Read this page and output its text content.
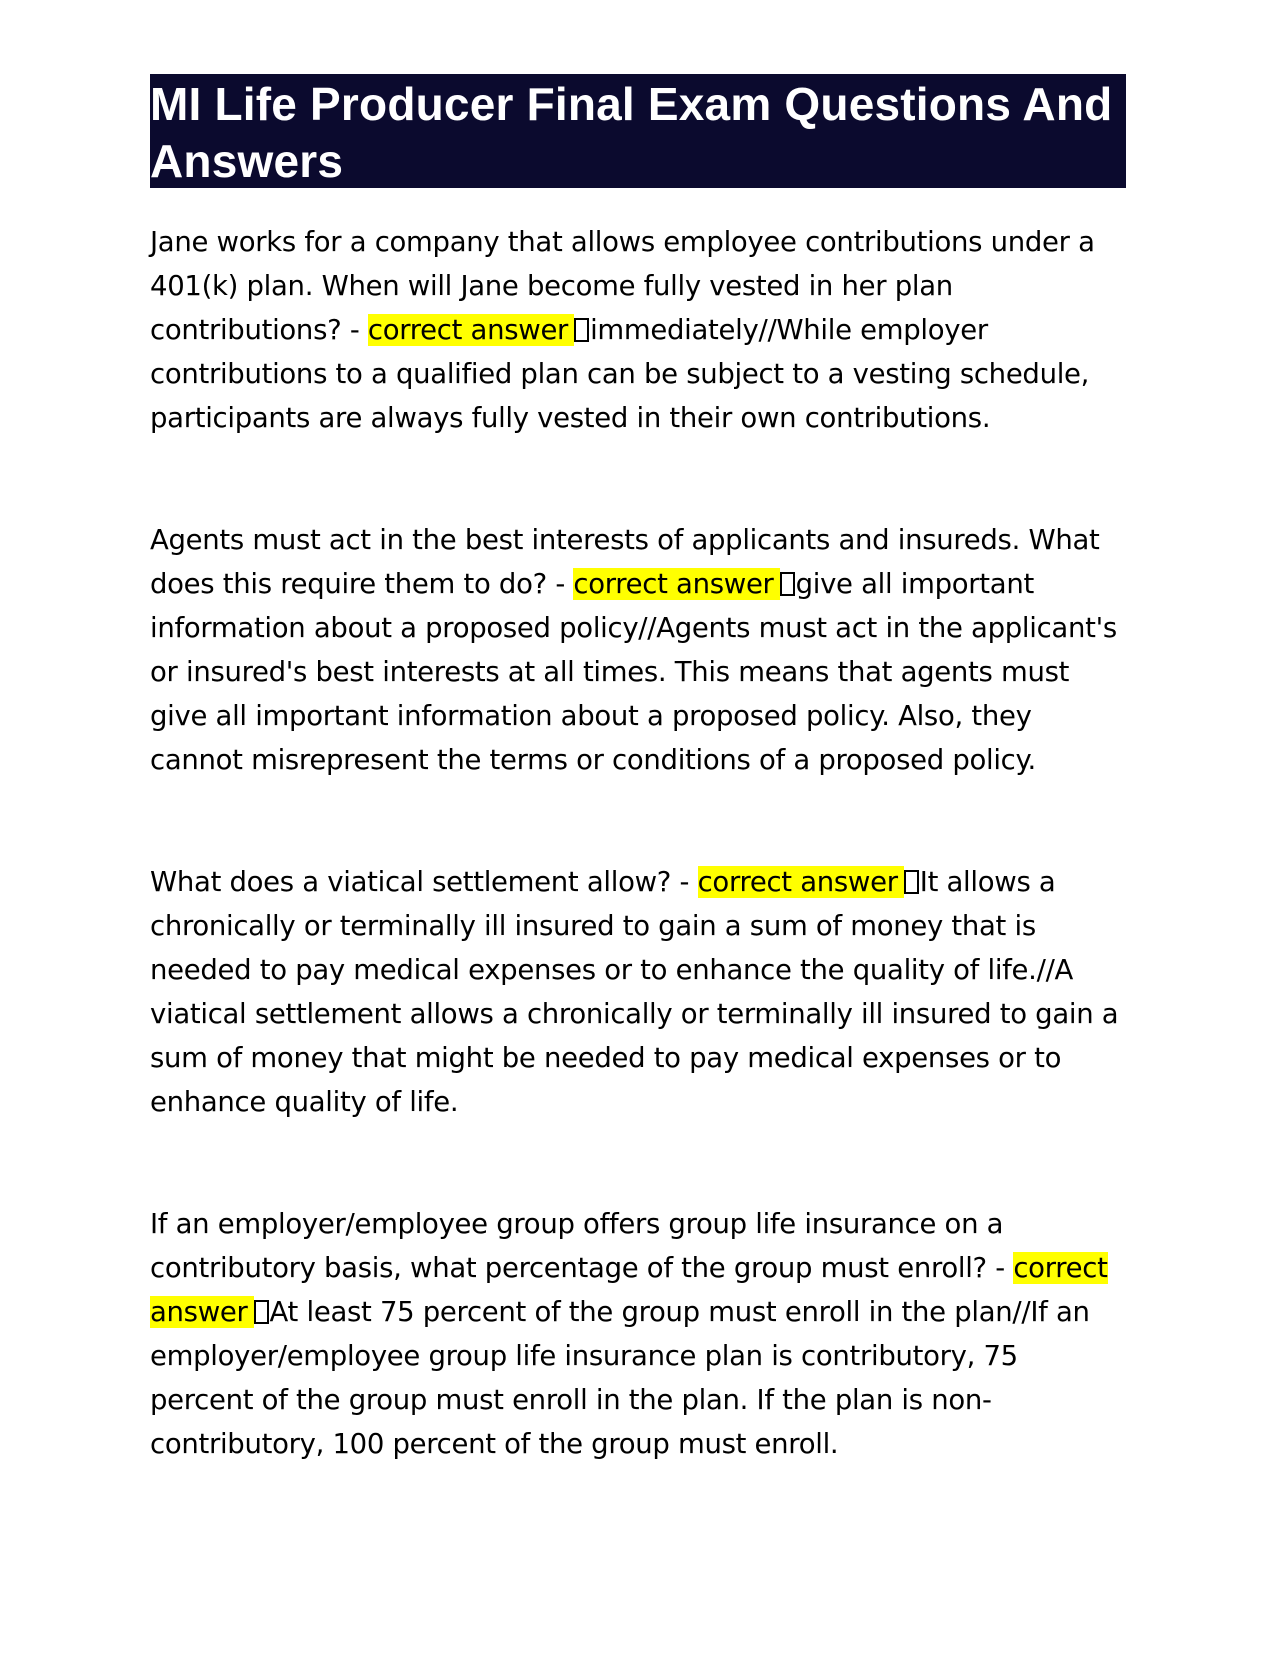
MI Life Producer Final Exam Questions And Answers

Jane works for a company that allows employee contributions under a 401(k) plan. When will Jane become fully vested in her plan contributions? - correct answer immediately//While employer contributions to a qualified plan can be subject to a vesting schedule, participants are always fully vested in their own contributions.

Agents must act in the best interests of applicants and insureds. What does this require them to do? - correct answer give all important information about a proposed policy//Agents must act in the applicant's or insured's best interests at all times. This means that agents must give all important information about a proposed policy. Also, they cannot misrepresent the terms or conditions of a proposed policy.

What does a viatical settlement allow? - correct answer It allows a chronically or terminally ill insured to gain a sum of money that is needed to pay medical expenses or to enhance the quality of life.//A viatical settlement allows a chronically or terminally ill insured to gain a sum of money that might be needed to pay medical expenses or to enhance quality of life.

If an employer/employee group offers group life insurance on a contributory basis, what percentage of the group must enroll? - correct answer At least 75 percent of the group must enroll in the plan//If an employer/employee group life insurance plan is contributory, 75 percent of the group must enroll in the plan. If the plan is non-contributory, 100 percent of the group must enroll.
